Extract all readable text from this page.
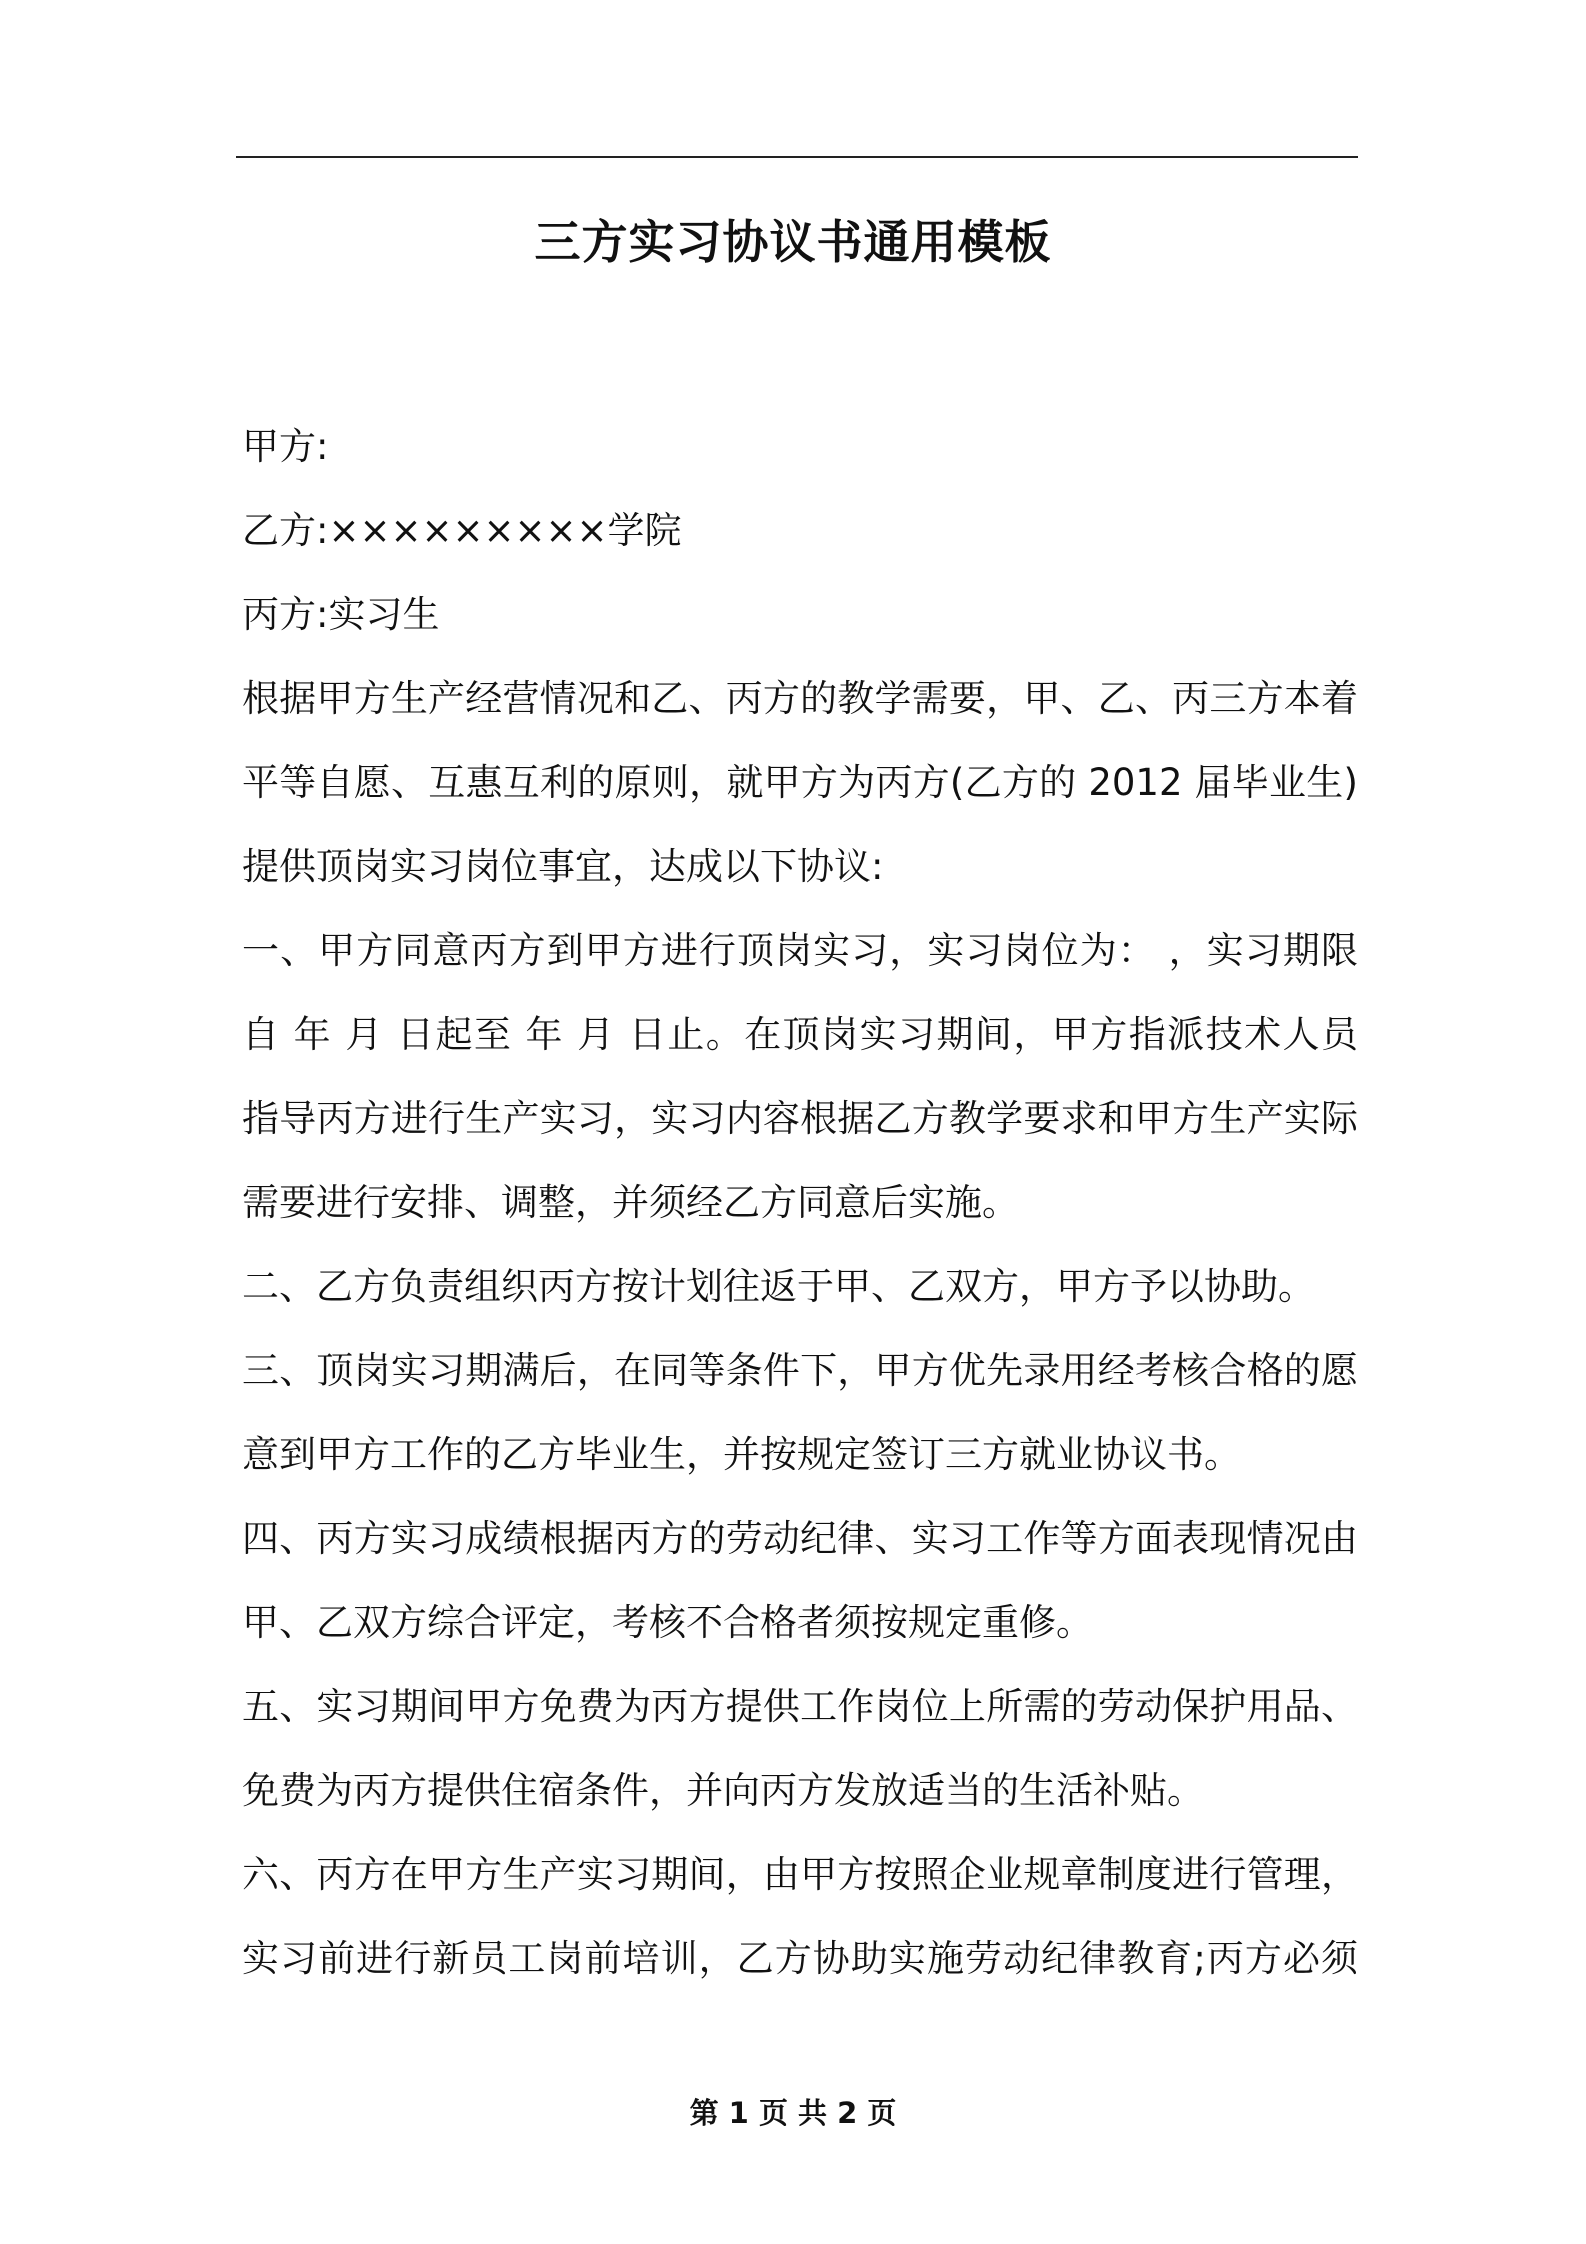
三方实习协议书通用模板
甲方:
乙方:×××××××××学院
丙方:实习生
根据甲方生产经营情况和乙、丙方的教学需要，甲、乙、丙三方本着
平等自愿、互惠互利的原则，就甲方为丙方(乙方的 2012 届毕业生)
提供顶岗实习岗位事宜，达成以下协议:
一、甲方同意丙方到甲方进行顶岗实习，实习岗位为： ，实习期限
自 年 月 日起至 年 月 日止。在顶岗实习期间，甲方指派技术人员
指导丙方进行生产实习，实习内容根据乙方教学要求和甲方生产实际
需要进行安排、调整，并须经乙方同意后实施。
二、乙方负责组织丙方按计划往返于甲、乙双方，甲方予以协助。
三、顶岗实习期满后，在同等条件下，甲方优先录用经考核合格的愿
意到甲方工作的乙方毕业生，并按规定签订三方就业协议书。
四、丙方实习成绩根据丙方的劳动纪律、实习工作等方面表现情况由
甲、乙双方综合评定，考核不合格者须按规定重修。
五、实习期间甲方免费为丙方提供工作岗位上所需的劳动保护用品、
免费为丙方提供住宿条件，并向丙方发放适当的生活补贴。
六、丙方在甲方生产实习期间，由甲方按照企业规章制度进行管理，
实习前进行新员工岗前培训，乙方协助实施劳动纪律教育;丙方必须
第 1 页 共 2 页
